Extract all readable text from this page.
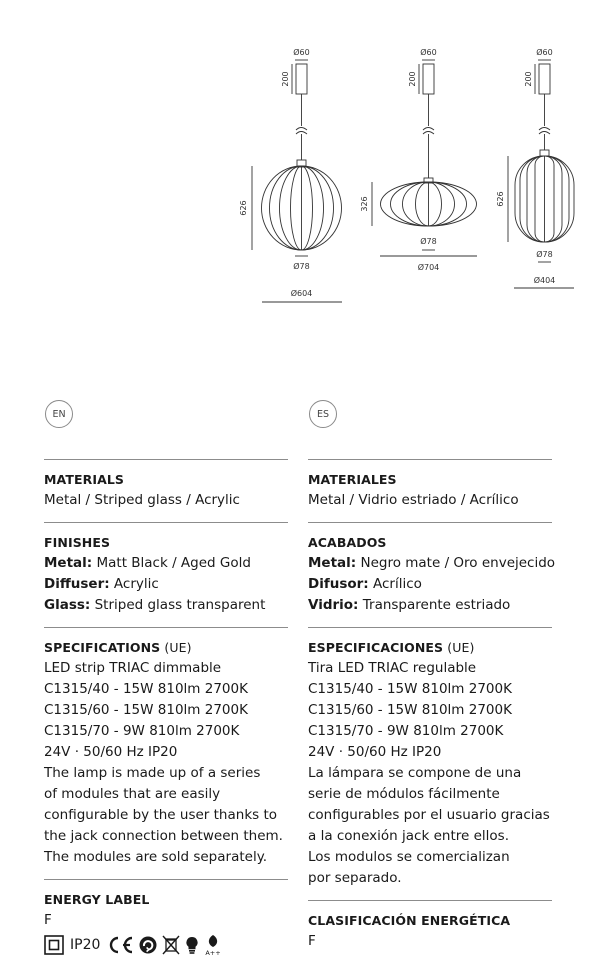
Ø60
200
626
Ø78
Ø604
Ø60
200
326
Ø78
Ø704
Ø60
200
626
Ø78
Ø404
EN
MATERIALS
Metal / Striped glass / Acrylic
FINISHES
Metal: Matt Black / Aged Gold
Diffuser: Acrylic
Glass: Striped glass transparent
SPECIFICATIONS (UE)
LED strip TRIAC dimmable
C1315/40 - 15W 810lm 2700K
C1315/60 - 15W 810lm 2700K
C1315/70 - 9W 810lm 2700K
24V · 50/60 Hz IP20
The lamp is made up of a series
of modules that are easily
configurable by the user thanks to
the jack connection between them.
The modules are sold separately.
ENERGY LABEL
F
IP20	A++
ES
MATERIALES
Metal / Vidrio estriado / Acrílico
ACABADOS
Metal: Negro mate / Oro envejecido
Difusor: Acrílico
Vidrio: Transparente estriado
ESPECIFICACIONES (UE)
Tira LED TRIAC regulable
C1315/40 - 15W 810lm 2700K
C1315/60 - 15W 810lm 2700K
C1315/70 - 9W 810lm 2700K
24V · 50/60 Hz IP20
La lámpara se compone de una
serie de módulos fácilmente
configurables por el usuario gracias
a la conexión jack entre ellos.
Los modulos se comercializan
por separado.
CLASIFICACIÓN ENERGÉTICA
F
